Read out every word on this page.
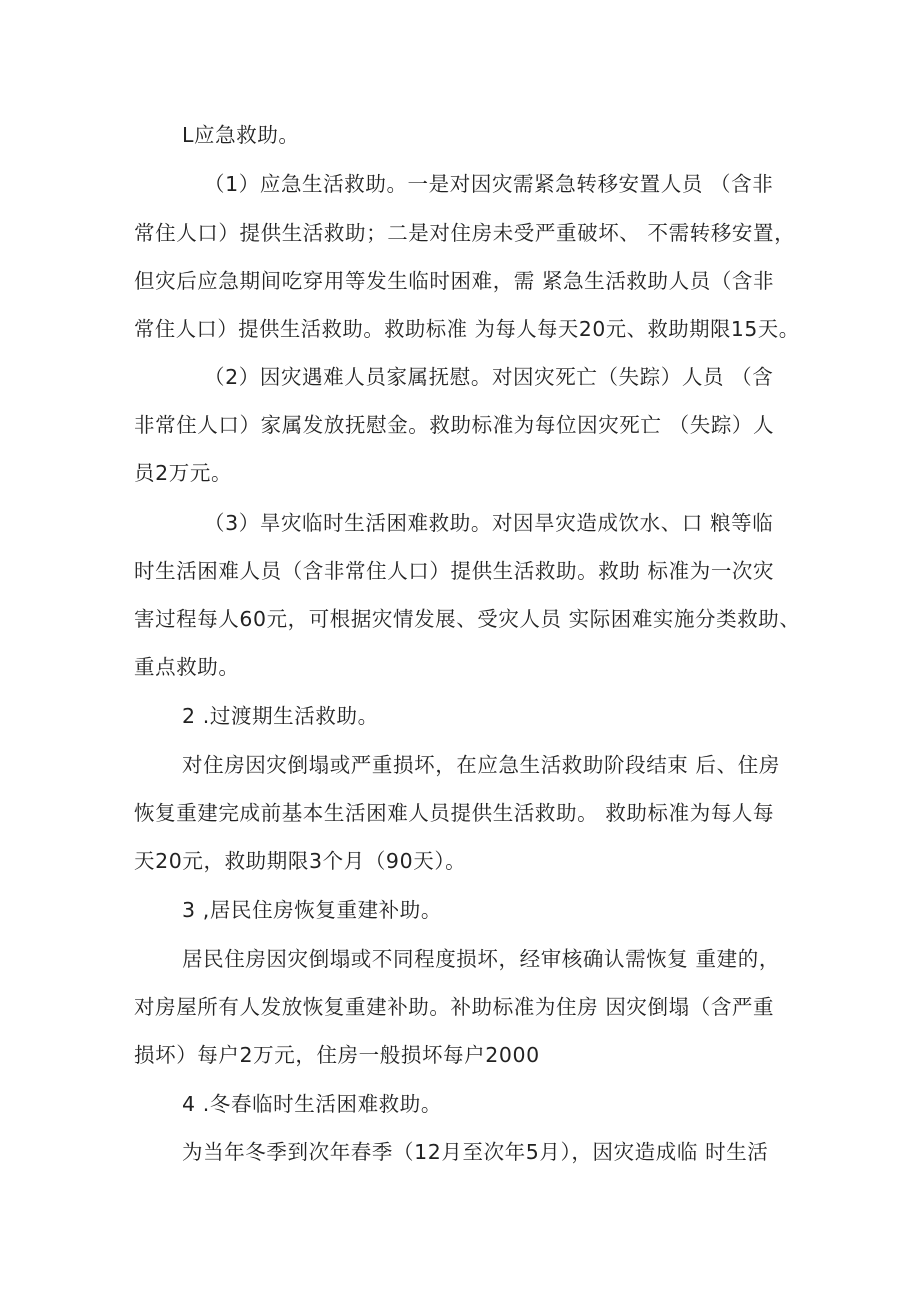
L应急救助。
（1）应急生活救助。一是对因灾需紧急转移安置人员 （含非
常住人口）提供生活救助；二是对住房未受严重破坏、 不需转移安置，
但灾后应急期间吃穿用等发生临时困难，需 紧急生活救助人员（含非
常住人口）提供生活救助。救助标准 为每人每天20元、救助期限15天。
（2）因灾遇难人员家属抚慰。对因灾死亡（失踪）人员 （含
非常住人口）家属发放抚慰金。救助标准为每位因灾死亡 （失踪）人
员2万元。
（3）旱灾临时生活困难救助。对因旱灾造成饮水、口 粮等临
时生活困难人员（含非常住人口）提供生活救助。救助 标准为一次灾
害过程每人60元，可根据灾情发展、受灾人员 实际困难实施分类救助、
重点救助。
2 .过渡期生活救助。
对住房因灾倒塌或严重损坏，在应急生活救助阶段结束 后、住房
恢复重建完成前基本生活困难人员提供生活救助。 救助标准为每人每
天20元，救助期限3个月（90天）。
3 ,居民住房恢复重建补助。
居民住房因灾倒塌或不同程度损坏，经审核确认需恢复 重建的，
对房屋所有人发放恢复重建补助。补助标准为住房 因灾倒塌（含严重
损坏）每户2万元，住房一般损坏每户2000
4 .冬春临时生活困难救助。
为当年冬季到次年春季（12月至次年5月），因灾造成临 时生活
